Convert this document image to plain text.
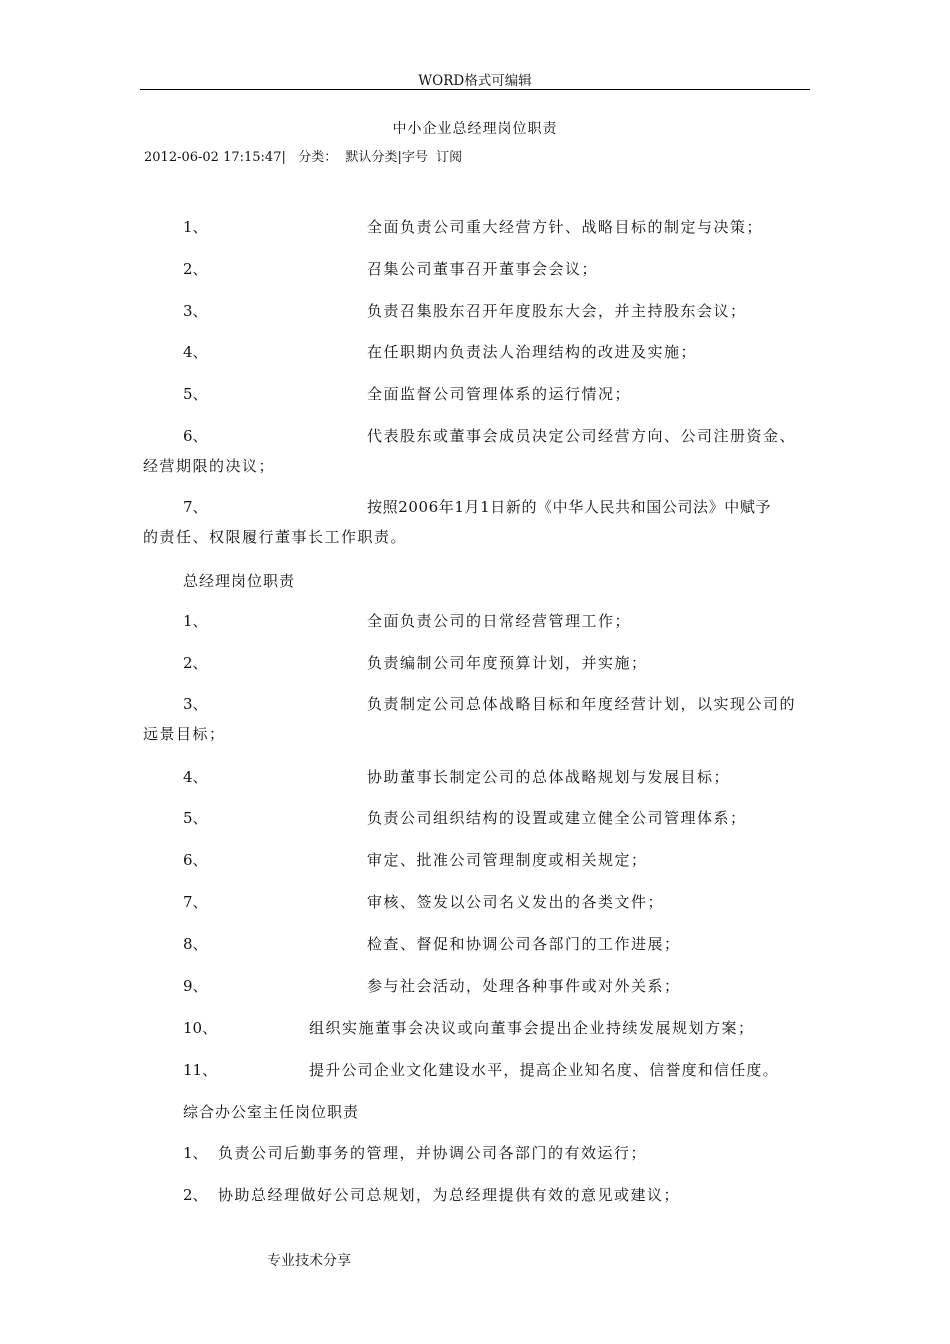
WORD格式可编辑
中小企业总经理岗位职责
2012-06-02 17:15:47|   分类：  默认分类|字号  订阅
1、	全面负责公司重大经营方针、战略目标的制定与决策；
2、	召集公司董事召开董事会会议；
3、	负责召集股东召开年度股东大会，并主持股东会议；
4、	在任职期内负责法人治理结构的改进及实施；
5、	全面监督公司管理体系的运行情况；
6、	代表股东或董事会成员决定公司经营方向、公司注册资金、
经营期限的决议；
7、	按照2006年1月1日新的《中华人民共和国公司法》中赋予
的责任、权限履行董事长工作职责。
总经理岗位职责
1、	全面负责公司的日常经营管理工作；
2、	负责编制公司年度预算计划，并实施；
3、	负责制定公司总体战略目标和年度经营计划，以实现公司的
远景目标；
4、	协助董事长制定公司的总体战略规划与发展目标；
5、	负责公司组织结构的设置或建立健全公司管理体系；
6、	审定、批准公司管理制度或相关规定；
7、	审核、签发以公司名义发出的各类文件；
8、	检查、督促和协调公司各部门的工作进展；
9、	参与社会活动，处理各种事件或对外关系；
10、	组织实施董事会决议或向董事会提出企业持续发展规划方案；
11、	提升公司企业文化建设水平，提高企业知名度、信誉度和信任度。
综合办公室主任岗位职责
1、 负责公司后勤事务的管理，并协调公司各部门的有效运行；
2、 协助总经理做好公司总规划，为总经理提供有效的意见或建议；
专业技术分享
